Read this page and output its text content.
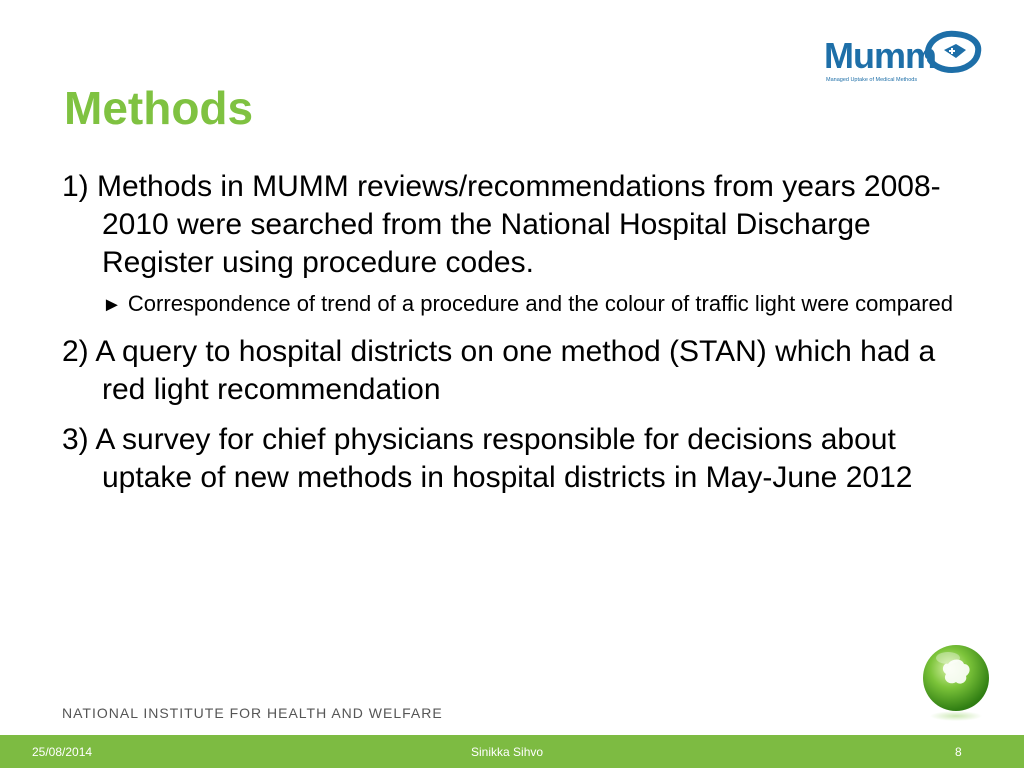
Methods
Mumm
Managed Uptake of Medical Methods

1) Methods in MUMM reviews/recommendations from years 2008-2010 were searched from the National Hospital Discharge Register using procedure codes.

► Correspondence of trend of a procedure and the colour of traffic light were compared

2) A query to hospital districts on one method (STAN) which had a red light recommendation

3) A survey for chief physicians responsible for decisions about uptake of new methods in hospital districts in May-June 2012

NATIONAL INSTITUTE FOR HEALTH AND WELFARE

25/08/2014	Sinikka Sihvo	8
